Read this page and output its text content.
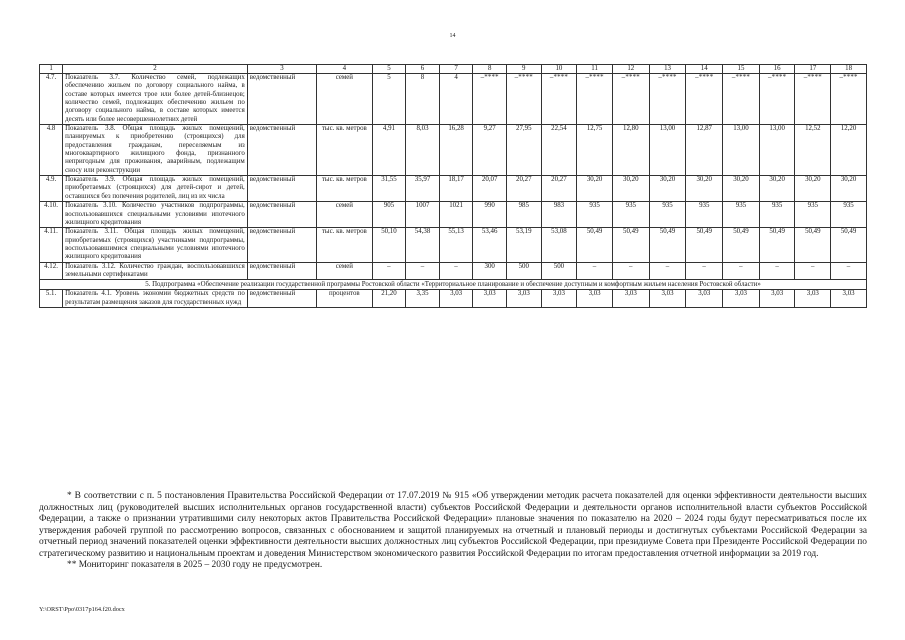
14
1	2	3	4	5	6	7	8	9	10	11	12	13	14	15	16	17	18
4.7.	Показатель 3.7. Количество семей, подлежащих обеспечению жильем по договору социального найма, в составе которых имеется трое или более детей-близнецов; количество семей, подлежащих обеспечению жильем по договору социального найма, в составе которых имеется десять или более несовершеннолетних детей	ведомственный	семей	5	8	4	–****	–****	–****	–****	–****	–****	–****	–****	–****	–****	–****
4.8	Показатель 3.8. Общая площадь жилых помещений, планируемых к приобретению (строящихся) для предоставления гражданам, переселяемым из многоквартирного жилищного фонда, признанного непригодным для проживания, аварийным, подлежащим сносу или реконструкции	ведомственный	тыс. кв. метров	4,91	8,03	16,28	9,27	27,95	22,54	12,75	12,80	13,00	12,87	13,00	13,00	12,52	12,20
4.9.	Показатель 3.9. Общая площадь жилых помещений, приобретаемых (строящихся) для детей-сирот и детей, оставшихся без попечения родителей, лиц из их числа	ведомственный	тыс. кв. метров	31,55	35,97	18,17	20,07	20,27	20,27	30,20	30,20	30,20	30,20	30,20	30,20	30,20	30,20
4.10.	Показатель 3.10. Количество участников подпрограммы, воспользовавшихся специальными условиями ипотечного жилищного кредитования	ведомственный	семей	905	1007	1021	990	985	983	935	935	935	935	935	935	935	935
4.11.	Показатель 3.11. Общая площадь жилых помещений, приобретаемых (строящихся) участниками подпрограммы, воспользовавшимися специальными условиями ипотечного жилищного кредитования	ведомственный	тыс. кв. метров	50,10	54,38	55,13	53,46	53,19	53,08	50,49	50,49	50,49	50,49	50,49	50,49	50,49	50,49
4.12.	Показатель 3.12. Количество граждан, воспользовавшихся земельными сертификатами	ведомственный	семей	–	–	–	300	500	500	–	–	–	–	–	–	–	–
5. Подпрограмма «Обеспечение реализации государственной программы Ростовской области «Территориальное планирование и обеспечение доступным и комфортным жильем населения Ростовской области»																	
5.1.	Показатель 4.1. Уровень экономии бюджетных средств по результатам размещения заказов для государственных нужд	ведомственный	процентов	21,20	3,35	3,03	3,03	3,03	3,03	3,03	3,03	3,03	3,03	3,03	3,03	3,03	3,03

* В соответствии с п. 5 постановления Правительства Российской Федерации от 17.07.2019 № 915 «Об утверждении методик расчета показателей для оценки эффективности деятельности высших должностных лиц (руководителей высших исполнительных органов государственной власти) субъектов Российской Федерации и деятельности органов исполнительной власти субъектов Российской Федерации, а также о признании утратившими силу некоторых актов Правительства Российской Федерации» плановые значения по показателю на 2020 – 2024 годы будут пересматриваться после их утверждения рабочей группой по рассмотрению вопросов, связанных с обоснованием и защитой планируемых на отчетный и плановый периоды и достигнутых субъектами Российской Федерации за отчетный период значений показателей оценки эффективности деятельности высших должностных лиц субъектов Российской Федерации, при президиуме Совета при Президенте Российской Федерации по стратегическому развитию и национальным проектам и доведения Министерством экономического развития Российской Федерации по итогам предоставления отчетной информации за 2019 год.

** Мониторинг показателя в 2025 – 2030 году не предусмотрен.

Y:\ORST\Ppo\0317p164.f20.docx
